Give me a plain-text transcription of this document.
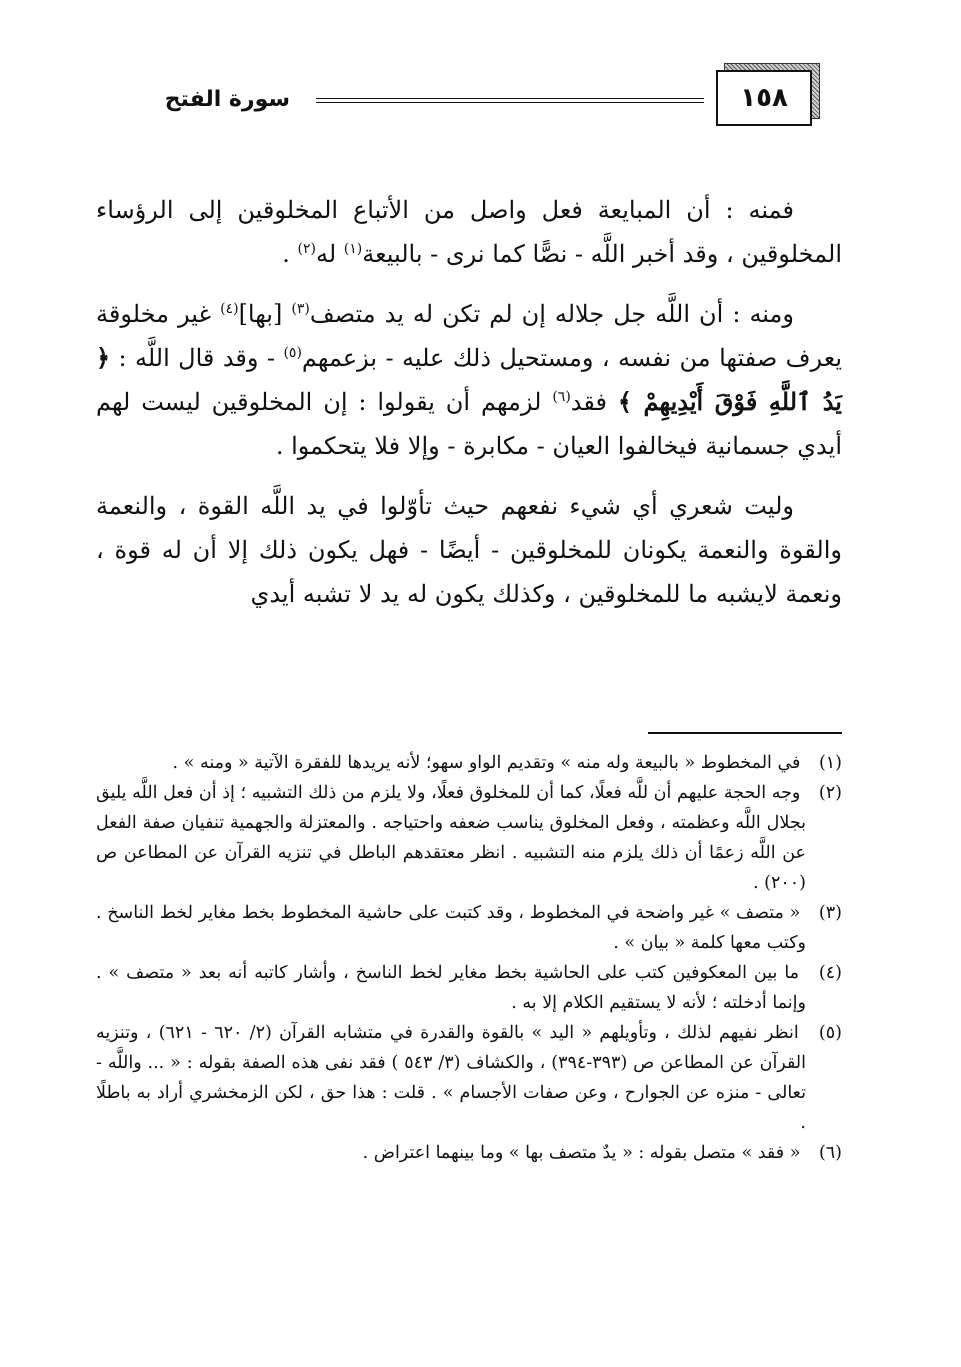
١٥٨
سورة الفتح

فمنه : أن المبايعة فعل واصل من الأتباع المخلوقين إلى الرؤساء المخلوقين ، وقد أخبر اللَّه - نصًّا كما نرى - بالبيعة$^{(١)}$ له$^{(٢)}$ .

ومنه : أن اللَّه جل جلاله إن لم تكن له يد متصف$^{(٣)}$ [بها]$^{(٤)}$ غير مخلوقة يعرف صفتها من نفسه ، ومستحيل ذلك عليه - بزعمهم$^{(٥)}$ - وقد قال اللَّه : ﴿ يَدُ ٱللَّهِ فَوْقَ أَيْدِيهِمْ ﴾ فقد$^{(٦)}$ لزمهم أن يقولوا : إن المخلوقين ليست لهم أيدي جسمانية فيخالفوا العيان - مكابرة - وإلا فلا يتحكموا .

وليت شعري أي شيء نفعهم حيث تأوّلوا في يد اللَّه القوة ، والنعمة والقوة والنعمة يكونان للمخلوقين - أيضًا - فهل يكون ذلك إلا أن له قوة ، ونعمة لايشبه ما للمخلوقين ، وكذلك يكون له يد لا تشبه أيدي

(١) في المخطوط « بالبيعة وله منه » وتقديم الواو سهو؛ لأنه يريدها للفقرة الآتية « ومنه » .

(٢) وجه الحجة عليهم أن للَّه فعلًا، كما أن للمخلوق فعلًا، ولا يلزم من ذلك التشبيه ؛ إذ أن فعل اللَّه يليق بجلال اللَّه وعظمته ، وفعل المخلوق يناسب ضعفه واحتياجه . والمعتزلة والجهمية تنفيان صفة الفعل عن اللَّه زعمًا أن ذلك يلزم منه التشبيه . انظر معتقدهم الباطل في تنزيه القرآن عن المطاعن ص (٢٠٠) .

(٣) « متصف » غير واضحة في المخطوط ، وقد كتبت على حاشية المخطوط بخط مغاير لخط الناسخ . وكتب معها كلمة « بيان » .

(٤) ما بين المعكوفين كتب على الحاشية بخط مغاير لخط الناسخ ، وأشار كاتبه أنه بعد « متصف » . وإنما أدخلته ؛ لأنه لا يستقيم الكلام إلا به .

(٥) انظر نفيهم لذلك ، وتأويلهم « اليد » بالقوة والقدرة في متشابه القرآن (٢/ ٦٢٠ - ٦٢١) ، وتنزيه القرآن عن المطاعن ص (٣٩٣-٣٩٤) ، والكشاف (٣/ ٥٤٣ ) فقد نفى هذه الصفة بقوله : « ... واللَّه - تعالى - منزه عن الجوارح ، وعن صفات الأجسام » . قلت : هذا حق ، لكن الزمخشري أراد به باطلًا .

(٦) « فقد » متصل بقوله : « يدٌ متصف بها » وما بينهما اعتراض .
